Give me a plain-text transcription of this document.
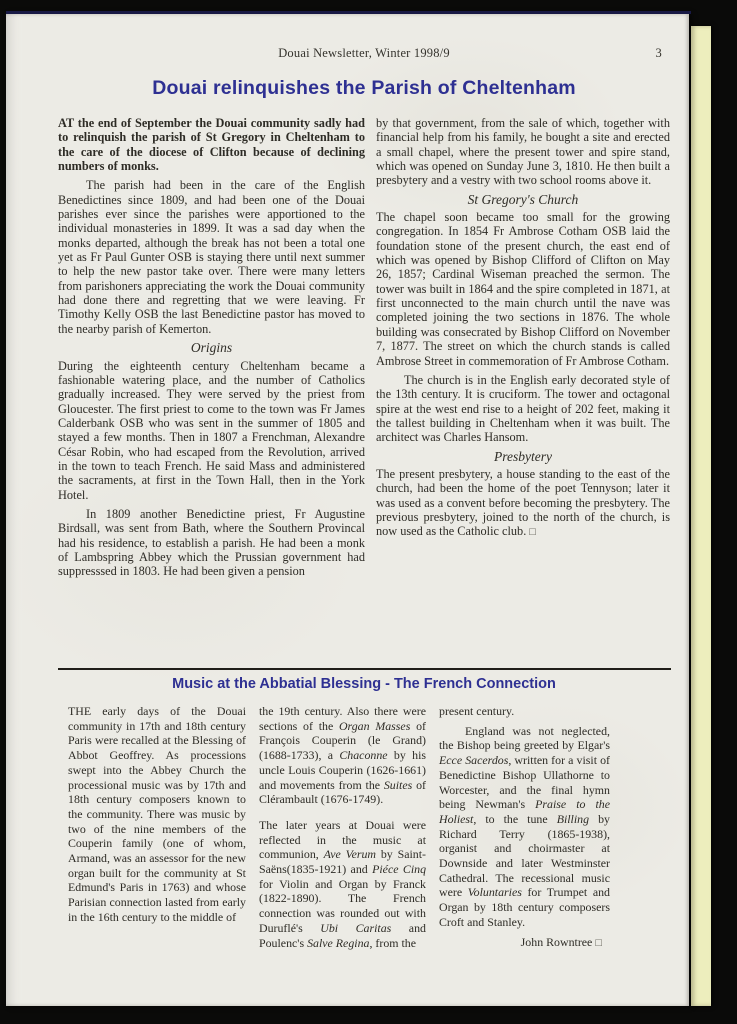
Douai Newsletter, Winter 1998/9	3
Douai relinquishes the Parish of Cheltenham

AT the end of September the Douai community sadly had to relinquish the parish of St Gregory in Cheltenham to the care of the diocese of Clifton because of declining numbers of monks.

The parish had been in the care of the English Benedictines since 1809, and had been one of the Douai parishes ever since the parishes were apportioned to the individual monasteries in 1899. It was a sad day when the monks departed, although the break has not been a total one yet as Fr Paul Gunter OSB is staying there until next summer to help the new pastor take over. There were many letters from parishoners appreciating the work the Douai community had done there and regretting that we were leaving. Fr Timothy Kelly OSB the last Benedictine pastor has moved to the nearby parish of Kemerton.

Origins

During the eighteenth century Cheltenham became a fashionable watering place, and the number of Catholics gradually increased. They were served by the priest from Gloucester. The first priest to come to the town was Fr James Calderbank OSB who was sent in the summer of 1805 and stayed a few months. Then in 1807 a Frenchman, Alexandre César Robin, who had escaped from the Revolution, arrived in the town to teach French. He said Mass and administered the sacraments, at first in the Town Hall, then in the York Hotel.

In 1809 another Benedictine priest, Fr Augustine Birdsall, was sent from Bath, where the Southern Provincal had his residence, to establish a parish. He had been a monk of Lambspring Abbey which the Prussian government had suppresssed in 1803. He had been given a pension

by that government, from the sale of which, together with financial help from his family, he bought a site and erected a small chapel, where the present tower and spire stand, which was opened on Sunday June 3, 1810. He then built a presbytery and a vestry with two school rooms above it.

St Gregory's Church

The chapel soon became too small for the growing congregation. In 1854 Fr Ambrose Cotham OSB laid the foundation stone of the present church, the east end of which was opened by Bishop Clifford of Clifton on May 26, 1857; Cardinal Wiseman preached the sermon. The tower was built in 1864 and the spire completed in 1871, at first unconnected to the main church until the nave was completed joining the two sections in 1876. The whole building was consecrated by Bishop Clifford on November 7, 1877. The street on which the church stands is called Ambrose Street in commemoration of Fr Ambrose Cotham.

The church is in the English early decorated style of the 13th century. It is cruciform. The tower and octagonal spire at the west end rise to a height of 202 feet, making it the tallest building in Cheltenham when it was built. The architect was Charles Hansom.

Presbytery

The present presbytery, a house standing to the east of the church, had been the home of the poet Tennyson; later it was used as a convent before becoming the presbytery. The previous presbytery, joined to the north of the church, is now used as the Catholic club. □

Music at the Abbatial Blessing - The French Connection

THE early days of the Douai community in 17th and 18th century Paris were recalled at the Blessing of Abbot Geoffrey. As processions swept into the Abbey Church the processional music was by 17th and 18th century composers known to the community. There was music by two of the nine members of the Couperin family (one of whom, Armand, was an assessor for the new organ built for the community at St Edmund's Paris in 1763) and whose Parisian connection lasted from early in the 16th century to the middle of

the 19th century. Also there were sections of the Organ Masses of François Couperin (le Grand) (1688-1733), a Chaconne by his uncle Louis Couperin (1626-1661) and movements from the Suites of Clérambault (1676-1749).

The later years at Douai were reflected in the music at communion, Ave Verum by Saint-Saëns(1835-1921) and Piéce Cinq for Violin and Organ by Franck (1822-1890). The French connection was rounded out with Duruflé's Ubi Caritas and Poulenc's Salve Regina, from the

present century.

England was not neglected, the Bishop being greeted by Elgar's Ecce Sacerdos, written for a visit of Benedictine Bishop Ullathorne to Worcester, and the final hymn being Newman's Praise to the Holiest, to the tune Billing by Richard Terry (1865-1938), organist and choirmaster at Downside and later Westminster Cathedral. The recessional music were Voluntaries for Trumpet and Organ by 18th century composers Croft and Stanley.

John Rowntree □
